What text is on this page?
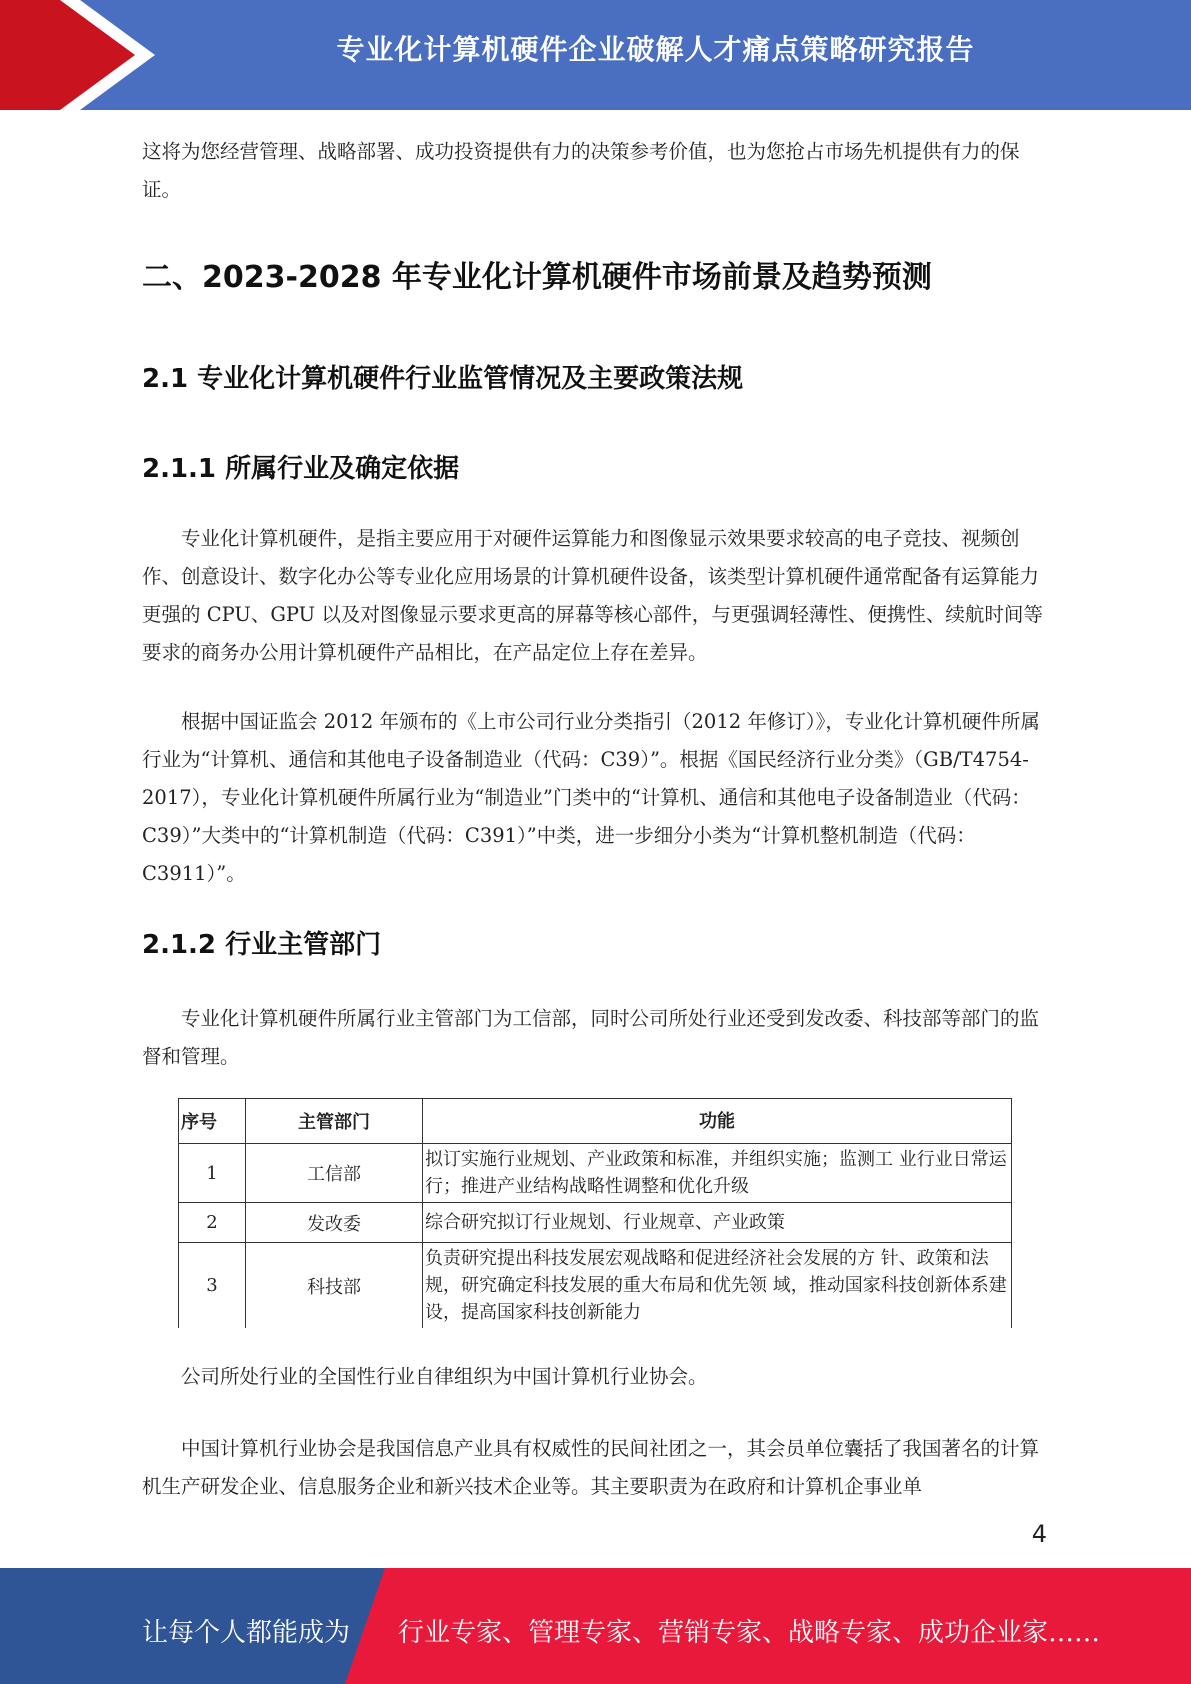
专业化计算机硬件企业破解人才痛点策略研究报告

这将为您经营管理、战略部署、成功投资提供有力的决策参考价值，也为您抢占市场先机提供有力的保证。

二、2023-2028 年专业化计算机硬件市场前景及趋势预测
2.1 专业化计算机硬件行业监管情况及主要政策法规
2.1.1 所属行业及确定依据

专业化计算机硬件，是指主要应用于对硬件运算能力和图像显示效果要求较高的电子竞技、视频创作、创意设计、数字化办公等专业化应用场景的计算机硬件设备，该类型计算机硬件通常配备有运算能力更强的 CPU、GPU 以及对图像显示要求更高的屏幕等核心部件，与更强调轻薄性、便携性、续航时间等要求的商务办公用计算机硬件产品相比，在产品定位上存在差异。

根据中国证监会 2012 年颁布的《上市公司行业分类指引（2012 年修订）》，专业化计算机硬件所属行业为“计算机、通信和其他电子设备制造业（代码：C39）”。根据《国民经济行业分类》（GB/T4754-2017），专业化计算机硬件所属行业为“制造业”门类中的“计算机、通信和其他电子设备制造业（代码：C39）”大类中的“计算机制造（代码：C391）”中类，进一步细分小类为“计算机整机制造（代码：C3911）”。

2.1.2 行业主管部门

专业化计算机硬件所属行业主管部门为工信部，同时公司所处行业还受到发改委、科技部等部门的监督和管理。

序号	主管部门	功能
1	工信部	拟订实施行业规划、产业政策和标准，并组织实施；监测工 业行业日常运行；推进产业结构战略性调整和优化升级
2	发改委	综合研究拟订行业规划、行业规章、产业政策
3	科技部	负责研究提出科技发展宏观战略和促进经济社会发展的方 针、政策和法规，研究确定科技发展的重大布局和优先领 域，推动国家科技创新体系建设，提高国家科技创新能力

公司所处行业的全国性行业自律组织为中国计算机行业协会。

中国计算机行业协会是我国信息产业具有权威性的民间社团之一，其会员单位囊括了我国著名的计算机生产研发企业、信息服务企业和新兴技术企业等。其主要职责为在政府和计算机企事业单

4
让每个人都能成为 行业专家、管理专家、营销专家、战略专家、成功企业家……
